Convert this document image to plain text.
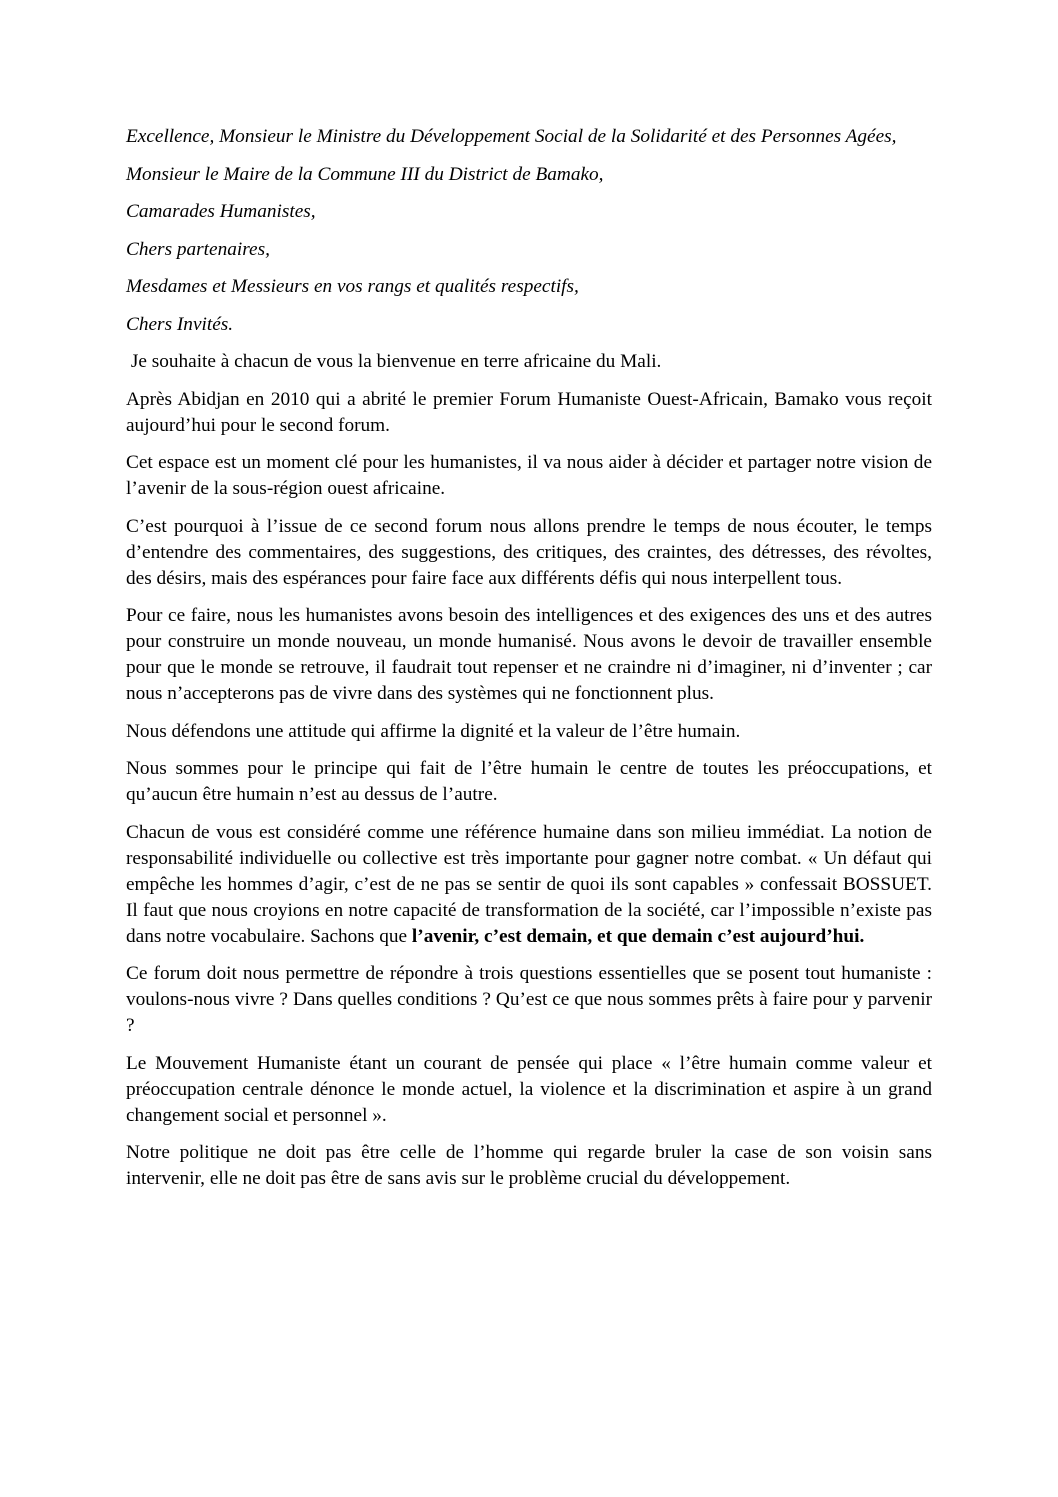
Excellence, Monsieur le Ministre du Développement Social de la Solidarité et des Personnes Agées,

Monsieur le Maire de la Commune III du District de Bamako,

Camarades Humanistes,

Chers partenaires,

Mesdames et Messieurs en vos rangs et qualités respectifs,

Chers Invités.

Je souhaite à chacun de vous la bienvenue en terre africaine du Mali.

Après Abidjan en 2010 qui a abrité le premier Forum Humaniste Ouest-Africain, Bamako vous reçoit aujourd’hui pour le second forum.

Cet espace est un moment clé pour les humanistes, il va nous aider à décider et partager notre vision de l’avenir de la sous-région ouest africaine.

C’est pourquoi à l’issue de ce second forum nous allons prendre le temps de nous écouter, le temps d’entendre des commentaires, des suggestions, des critiques, des craintes, des détresses, des révoltes, des désirs, mais des espérances pour faire face aux différents défis qui nous interpellent tous.

Pour ce faire, nous les humanistes avons besoin des intelligences et des exigences des uns et des autres pour construire un monde nouveau, un monde humanisé. Nous avons le devoir de travailler ensemble pour que le monde se retrouve, il faudrait tout repenser et ne craindre ni d’imaginer, ni d’inventer ; car nous n’accepterons pas de vivre dans des systèmes qui ne fonctionnent plus.

Nous défendons une attitude qui affirme la dignité et la valeur de l’être humain.

Nous sommes pour le principe qui fait de l’être humain le centre de toutes les préoccupations, et qu’aucun être humain n’est au dessus de l’autre.

Chacun de vous est considéré comme une référence humaine dans son milieu immédiat. La notion de responsabilité individuelle ou collective est très importante pour gagner notre combat. « Un défaut qui empêche les hommes d’agir, c’est de ne pas se sentir de quoi ils sont capables » confessait BOSSUET. Il faut que nous croyions en notre capacité de transformation de la société, car l’impossible n’existe pas dans notre vocabulaire. Sachons que l’avenir, c’est demain, et que demain c’est aujourd’hui.

Ce forum doit nous permettre de répondre à trois questions essentielles que se posent tout humaniste : voulons-nous vivre ? Dans quelles conditions ? Qu’est ce que nous sommes prêts à faire pour y parvenir ?

Le Mouvement Humaniste étant un courant de pensée qui place « l’être humain comme valeur et préoccupation centrale dénonce le monde actuel, la violence et la discrimination et aspire à un grand changement social et personnel ».

Notre politique ne doit pas être celle de l’homme qui regarde bruler la case de son voisin sans intervenir, elle ne doit pas être de sans avis sur le problème crucial du développement.
